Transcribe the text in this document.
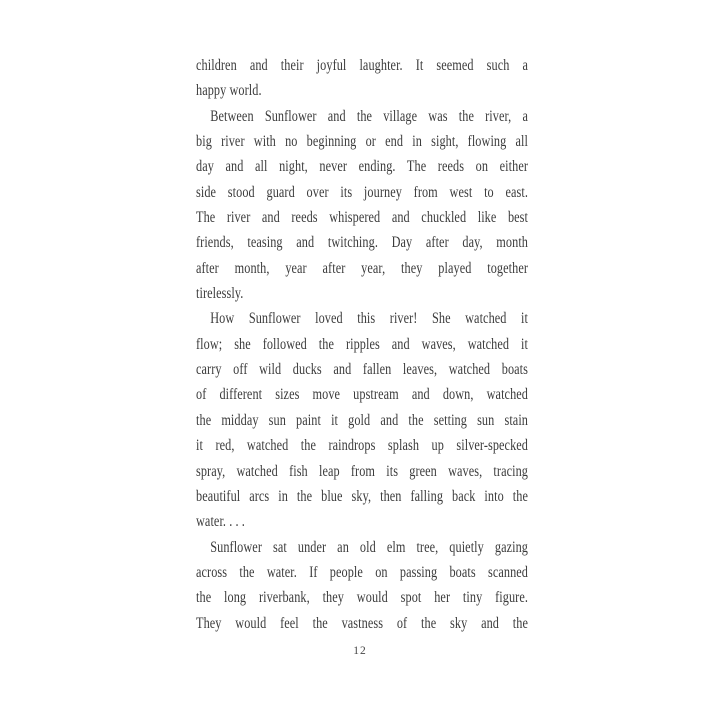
children and their joyful laughter. It seemed such a
happy world.
Between Sunflower and the village was the river, a
big river with no beginning or end in sight, flowing all
day and all night, never ending. The reeds on either
side stood guard over its journey from west to east.
The river and reeds whispered and chuckled like best
friends, teasing and twitching. Day after day, month
after month, year after year, they played together
tirelessly.
How Sunflower loved this river! She watched it
flow; she followed the ripples and waves, watched it
carry off wild ducks and fallen leaves, watched boats
of different sizes move upstream and down, watched
the midday sun paint it gold and the setting sun stain
it red, watched the raindrops splash up silver-specked
spray, watched fish leap from its green waves, tracing
beautiful arcs in the blue sky, then falling back into the
water. . . .
Sunflower sat under an old elm tree, quietly gazing
across the water. If people on passing boats scanned
the long riverbank, they would spot her tiny figure.
They would feel the vastness of the sky and the
12
